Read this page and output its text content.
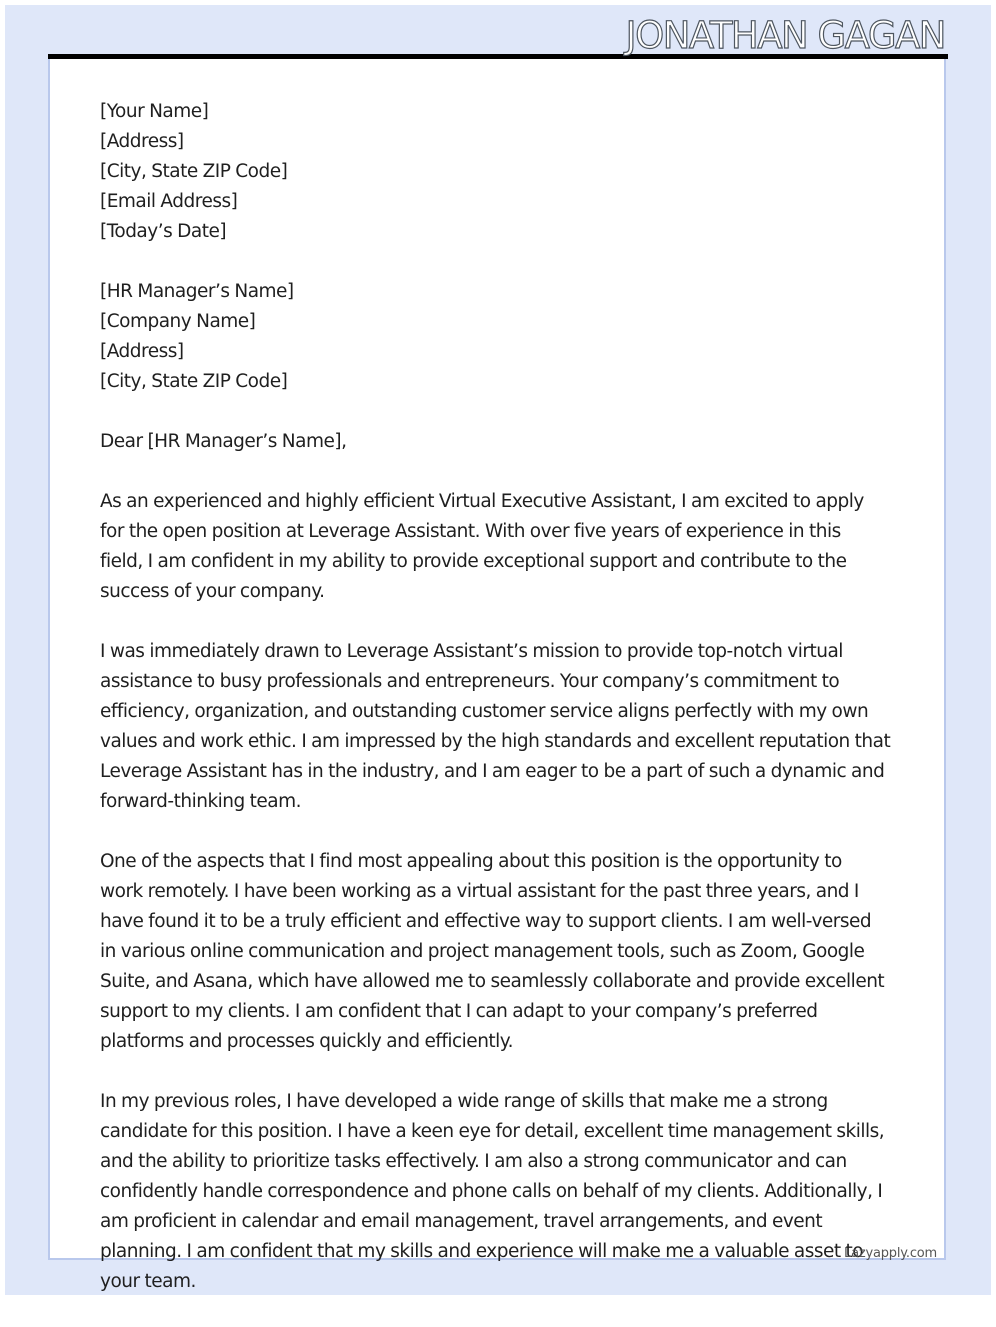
JONATHAN GAGAN
[Your Name]
[Address]
[City, State ZIP Code]
[Email Address]
[Today’s Date]
[HR Manager’s Name]
[Company Name]
[Address]
[City, State ZIP Code]
Dear [HR Manager’s Name],

As an experienced and highly efficient Virtual Executive Assistant, I am excited to apply
for the open position at Leverage Assistant. With over five years of experience in this
field, I am confident in my ability to provide exceptional support and contribute to the
success of your company.

I was immediately drawn to Leverage Assistant’s mission to provide top-notch virtual
assistance to busy professionals and entrepreneurs. Your company’s commitment to
efficiency, organization, and outstanding customer service aligns perfectly with my own
values and work ethic. I am impressed by the high standards and excellent reputation that
Leverage Assistant has in the industry, and I am eager to be a part of such a dynamic and
forward-thinking team.

One of the aspects that I find most appealing about this position is the opportunity to
work remotely. I have been working as a virtual assistant for the past three years, and I
have found it to be a truly efficient and effective way to support clients. I am well-versed
in various online communication and project management tools, such as Zoom, Google
Suite, and Asana, which have allowed me to seamlessly collaborate and provide excellent
support to my clients. I am confident that I can adapt to your company’s preferred
platforms and processes quickly and efficiently.

In my previous roles, I have developed a wide range of skills that make me a strong
candidate for this position. I have a keen eye for detail, excellent time management skills,
and the ability to prioritize tasks effectively. I am also a strong communicator and can
confidently handle correspondence and phone calls on behalf of my clients. Additionally, I
am proficient in calendar and email management, travel arrangements, and event
planning. I am confident that my skills and experience will make me a valuable asset to
your team.

Lazyapply.com
